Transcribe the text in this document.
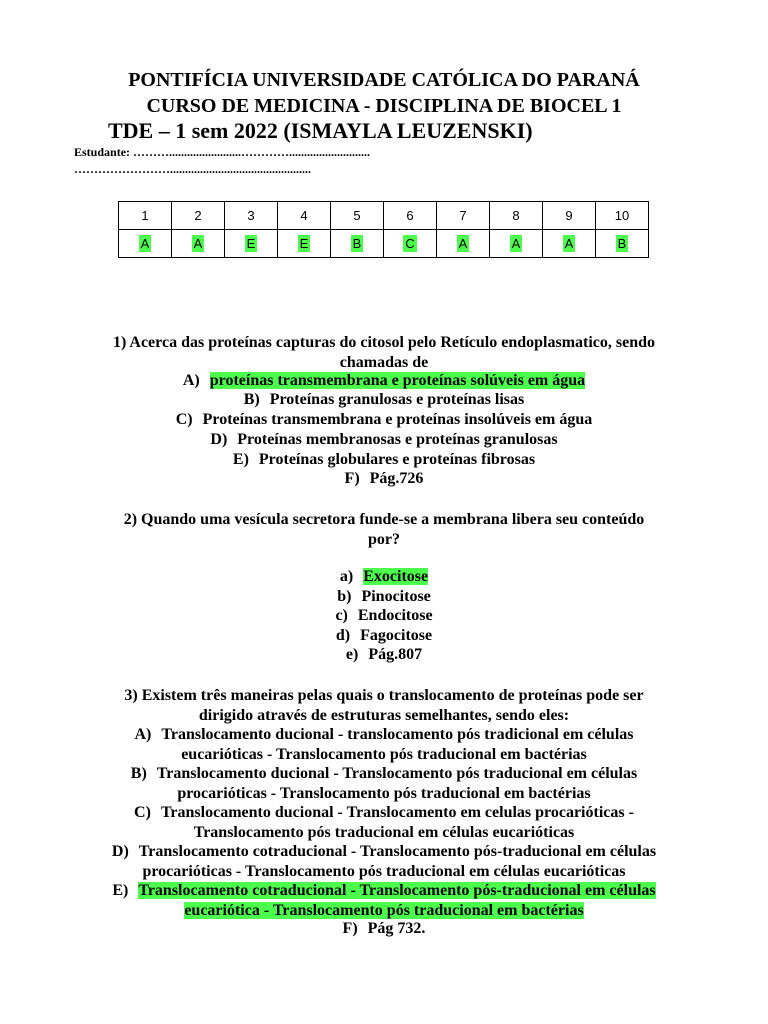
PONTIFÍCIA UNIVERSIDADE CATÓLICA DO PARANÁ
CURSO DE MEDICINA - DISCIPLINA DE BIOCEL 1
TDE – 1 sem 2022 (ISMAYLA LEUZENSKI)
Estudante: ………........................…………...........................
……………………...............................................
1	2	3	4	5	6	7	8	9	10
A	A	E	E	B	C	A	A	A	B
1) Acerca das proteínas capturas do citosol pelo Retículo endoplasmatico, sendo
chamadas de
A) proteínas transmembrana e proteínas solúveis em água
B) Proteínas granulosas e proteínas lisas
C) Proteínas transmembrana e proteínas insolúveis em água
D) Proteínas membranosas e proteínas granulosas
E) Proteínas globulares e proteínas fibrosas
F) Pág.726
2) Quando uma vesícula secretora funde-se a membrana libera seu conteúdo
por?
a) Exocitose
b) Pinocitose
c) Endocitose
d) Fagocitose
e) Pág.807
3) Existem três maneiras pelas quais o translocamento de proteínas pode ser
dirigido através de estruturas semelhantes, sendo eles:
A) Translocamento ducional - translocamento pós tradicional em células
eucarióticas - Translocamento pós traducional em bactérias
B) Translocamento ducional - Translocamento pós traducional em células
procarióticas - Translocamento pós traducional em bactérias
C) Translocamento ducional - Translocamento em celulas procarióticas -
Translocamento pós traducional em células eucarióticas
D) Translocamento cotraducional - Translocamento pós-traducional em células
procarióticas - Translocamento pós traducional em células eucarióticas
E) Translocamento cotraducional - Translocamento pós-traducional em células
eucariótica - Translocamento pós traducional em bactérias
F) Pág 732.
